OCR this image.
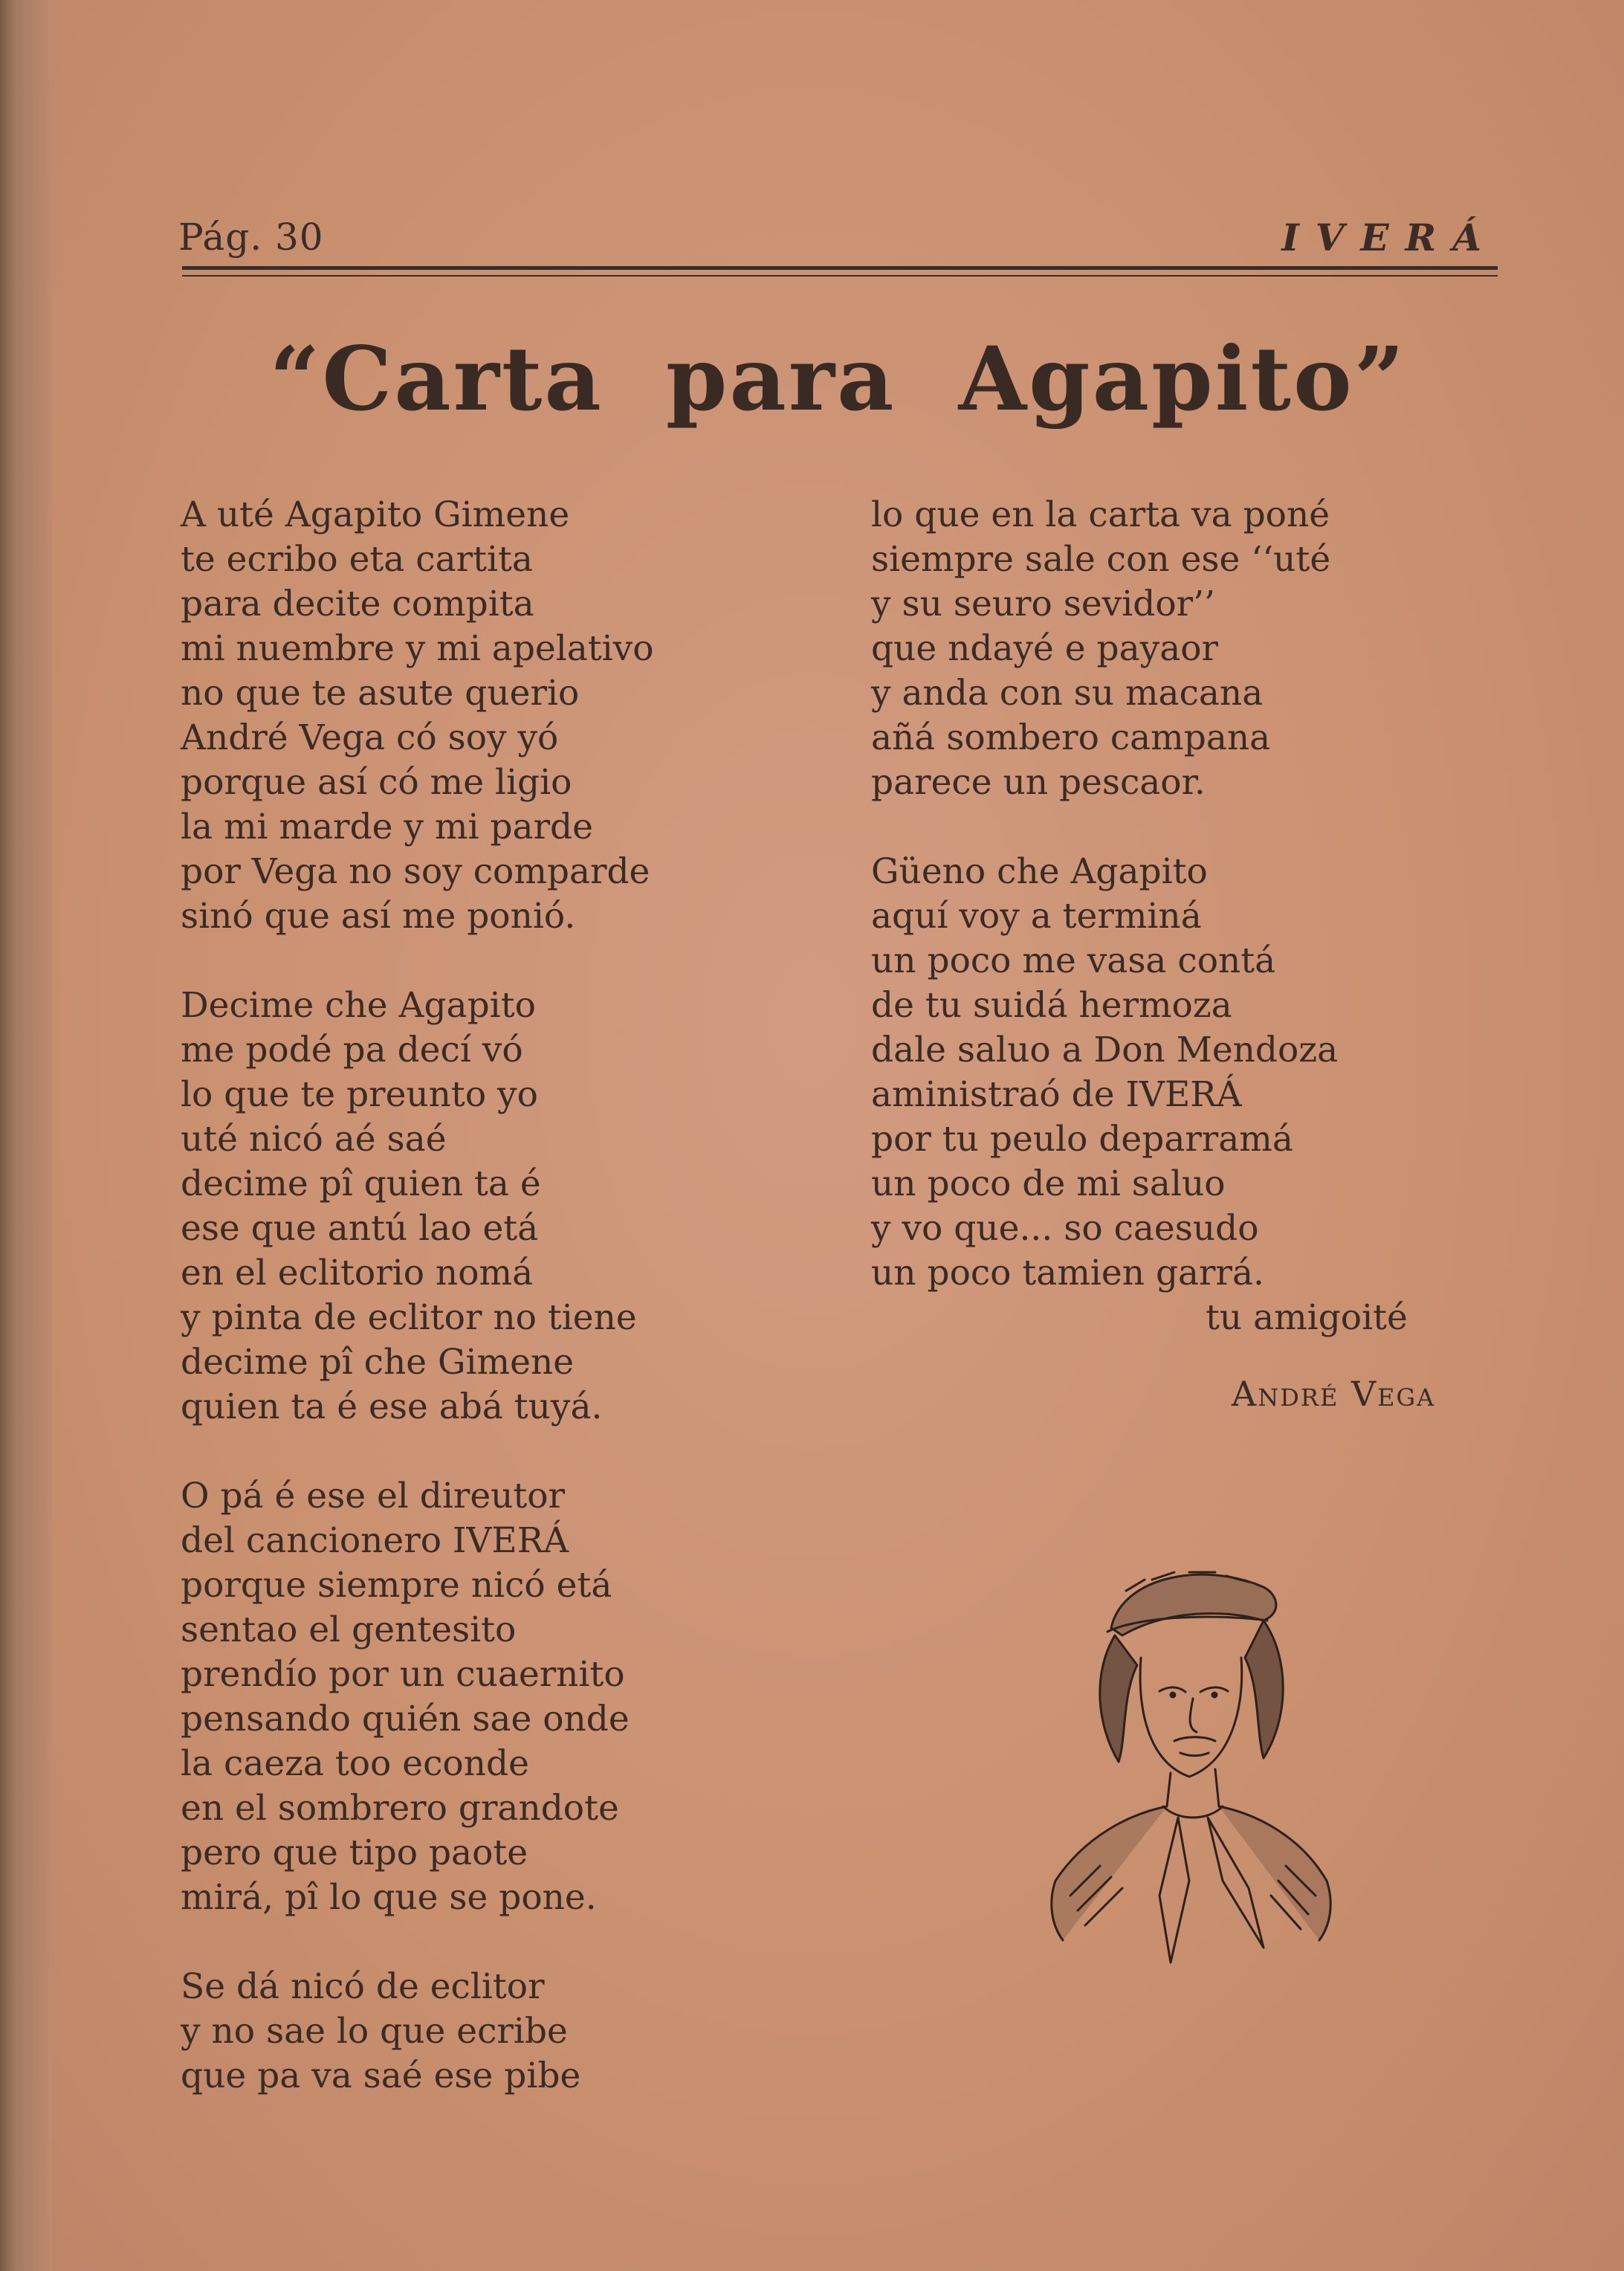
Pág. 30	IVERÁ
“Carta para Agapito”
A uté Agapito Gimene
te ecribo eta cartita
para decite compita
mi nuembre y mi apelativo
no que te asute querio
André Vega có soy yó
porque así có me ligio
la mi marde y mi parde
por Vega no soy comparde
sinó que así me ponió.
Decime che Agapito
me podé pa decí vó
lo que te preunto yo
uté nicó aé saé
decime pî quien ta é
ese que antú lao etá
en el eclitorio nomá
y pinta de eclitor no tiene
decime pî che Gimene
quien ta é ese abá tuyá.
O pá é ese el direutor
del cancionero IVERÁ
porque siempre nicó etá
sentao el gentesito
prendío por un cuaernito
pensando quién sae onde
la caeza too econde
en el sombrero grandote
pero que tipo paote
mirá, pî lo que se pone.
Se dá nicó de eclitor
y no sae lo que ecribe
que pa va saé ese pibe
lo que en la carta va poné
siempre sale con ese ‘‘uté
y su seuro sevidor’’
que ndayé e payaor
y anda con su macana
añá sombero campana
parece un pescaor.
Güeno che Agapito
aquí voy a terminá
un poco me vasa contá
de tu suidá hermoza
dale saluo a Don Mendoza
aministraó de IVERÁ
por tu peulo deparramá
un poco de mi saluo
y vo que... so caesudo
un poco tamien garrá.
tu amigoité
André Vega
